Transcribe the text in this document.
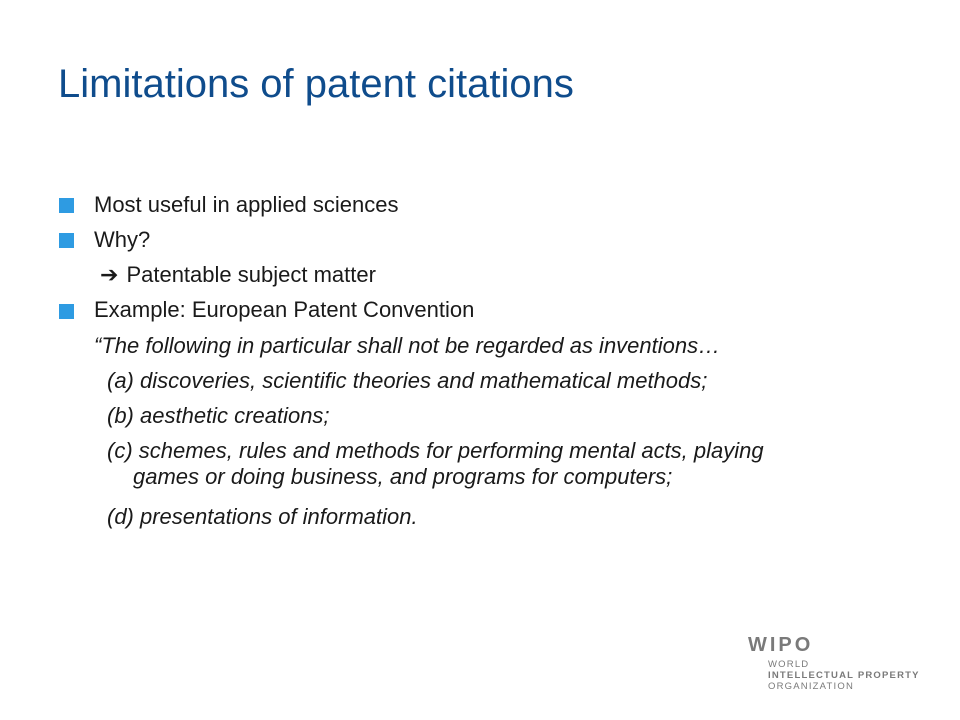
Limitations of patent citations
Most useful in applied sciences
Why?
➔ Patentable subject matter
Example: European Patent Convention
“The following in particular shall not be regarded as inventions…
(a) discoveries, scientific theories and mathematical methods;
(b) aesthetic creations;
(c) schemes, rules and methods for performing mental acts, playing
games or doing business, and programs for computers;
(d) presentations of information.
WIPO
WORLD
INTELLECTUAL PROPERTY
ORGANIZATION
